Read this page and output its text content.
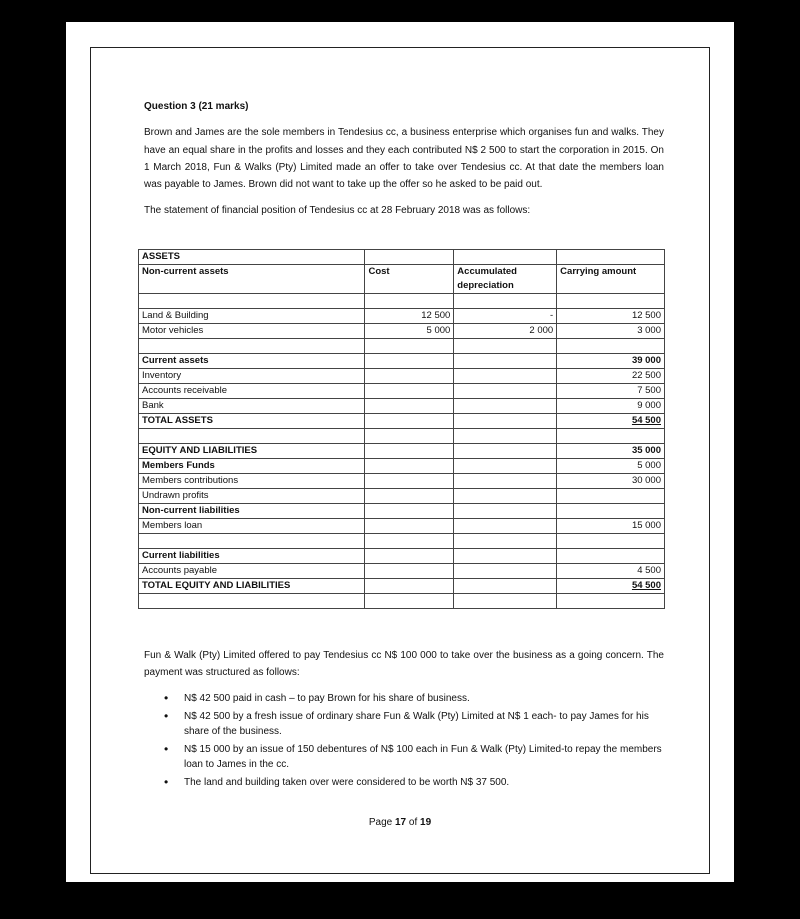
Question 3 (21 marks)

Brown and James are the sole members in Tendesius cc, a business enterprise which organises fun and walks. They have an equal share in the profits and losses and they each contributed N$ 2 500 to start the corporation in 2015. On 1 March 2018, Fun & Walks (Pty) Limited made an offer to take over Tendesius cc. At that date the members loan was payable to James. Brown did not want to take up the offer so he asked to be paid out.

The statement of financial position of Tendesius cc at 28 February 2018 was as follows:

ASSETS			
Non-current assets	Cost	Accumulated depreciation	Carrying amount

Land & Building	12 500	-	12 500
Motor vehicles	5 000	2 000	3 000

Current assets			39 000
Inventory			22 500
Accounts receivable			7 500
Bank			9 000
TOTAL ASSETS			54 500

EQUITY AND LIABILITIES			35 000
Members Funds			5 000
Members contributions			30 000
Undrawn profits			
Non-current liabilities			
Members loan			15 000

Current liabilities			
Accounts payable			4 500
TOTAL EQUITY AND LIABILITIES			54 500

Fun & Walk (Pty) Limited offered to pay Tendesius cc N$ 100 000 to take over the business as a going concern. The payment was structured as follows:

• N$ 42 500 paid in cash – to pay Brown for his share of business.
• N$ 42 500 by a fresh issue of ordinary share Fun & Walk (Pty) Limited at N$ 1 each- to pay James for his share of the business.
• N$ 15 000 by an issue of 150 debentures of N$ 100 each in Fun & Walk (Pty) Limited-to repay the members loan to James in the cc.
• The land and building taken over were considered to be worth N$ 37 500.
Page 17 of 19
